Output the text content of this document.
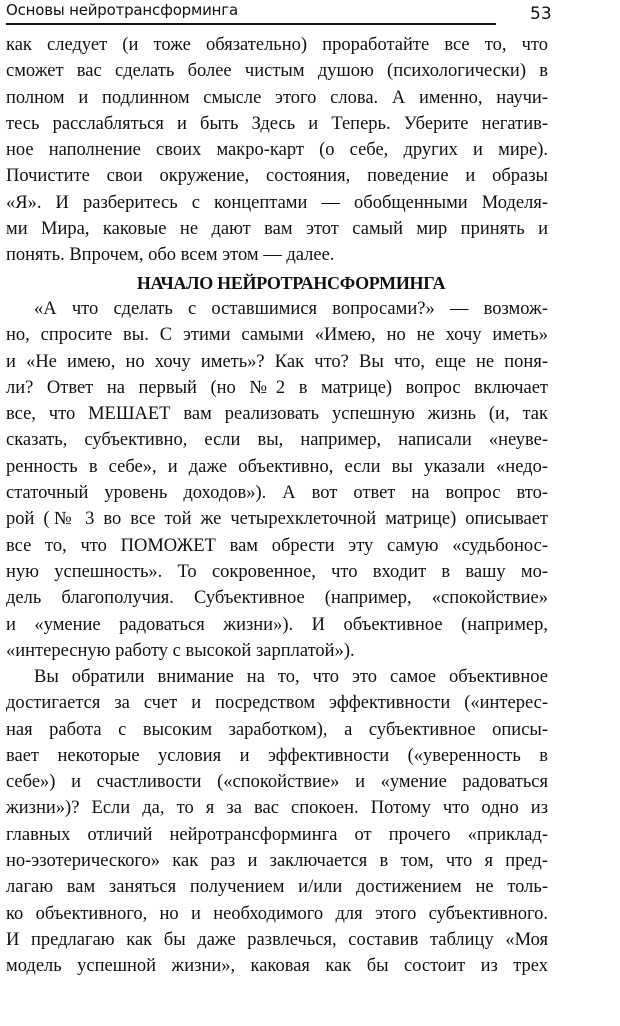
Основы нейротрансформинга	53
как следует (и тоже обязательно) проработайте все то, что
сможет вас сделать более чистым душою (психологически) в
полном и подлинном смысле этого слова. А именно, научи-
тесь расслабляться и быть Здесь и Теперь. Уберите негатив-
ное наполнение своих макро-карт (о себе, других и мире).
Почистите свои окружение, состояния, поведение и образы
«Я». И разберитесь с концептами — обобщенными Моделя-
ми Мира, каковые не дают вам этот самый мир принять и
понять. Впрочем, обо всем этом — далее.
НАЧАЛО НЕЙРОТРАНСФОРМИНГА
«А что сделать с оставшимися вопросами?» — возмож-
но, спросите вы. С этими самыми «Имею, но не хочу иметь»
и «Не имею, но хочу иметь»? Как что? Вы что, еще не поня-
ли? Ответ на первый (но №2 в матрице) вопрос включает
все, что МЕШАЕТ вам реализовать успешную жизнь (и, так
сказать, субъективно, если вы, например, написали «неуве-
ренность в себе», и даже объективно, если вы указали «недо-
статочный уровень доходов»). А вот ответ на вопрос вто-
рой (№ 3 во все той же четырехклеточной матрице) описывает
все то, что ПОМОЖЕТ вам обрести эту самую «судьбонос-
ную успешность». То сокровенное, что входит в вашу мо-
дель благополучия. Субъективное (например, «спокойствие»
и «умение радоваться жизни»). И объективное (например,
«интересную работу с высокой зарплатой»).
Вы обратили внимание на то, что это самое объективное
достигается за счет и посредством эффективности («интерес-
ная работа с высоким заработком), а субъективное описы-
вает некоторые условия и эффективности («уверенность в
себе») и счастливости («спокойствие» и «умение радоваться
жизни»)? Если да, то я за вас спокоен. Потому что одно из
главных отличий нейротрансформинга от прочего «приклад-
но-эзотерического» как раз и заключается в том, что я пред-
лагаю вам заняться получением и/или достижением не толь-
ко объективного, но и необходимого для этого субъективного.
И предлагаю как бы даже развлечься, составив таблицу «Моя
модель успешной жизни», каковая как бы состоит из трех
